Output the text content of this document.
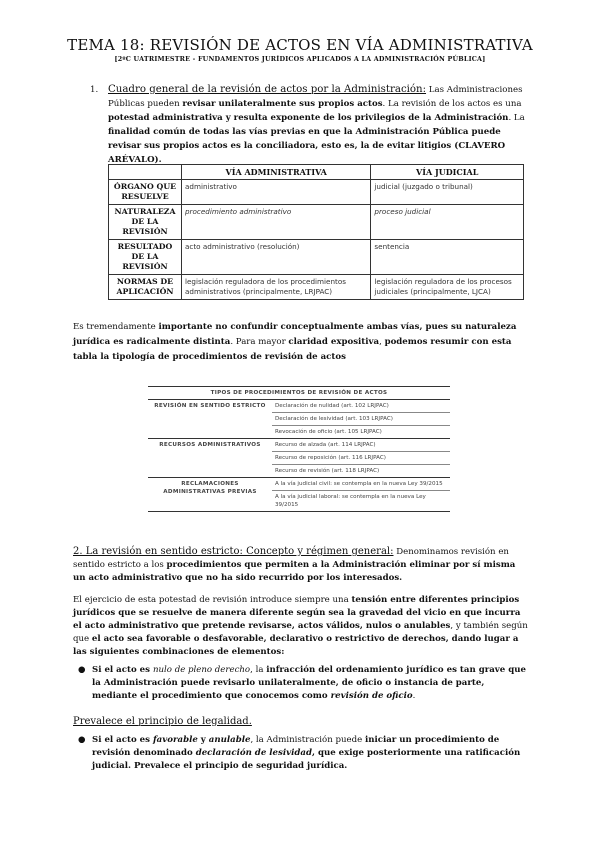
TEMA 18: REVISIÓN DE ACTOS EN VÍA ADMINISTRATIVA
[2ºC UATRIMESTRE - FUNDAMENTOS JURÍDICOS APLICADOS A LA ADMINISTRACIÓN PÚBLICA]
1. Cuadro general de la revisión de actos por la Administración: Las Administraciones Públicas pueden revisar unilateralmente sus propios actos. La revisión de los actos es una potestad administrativa y resulta exponente de los privilegios de la Administración. La finalidad común de todas las vías previas en que la Administración Pública puede revisar sus propios actos es la conciliadora, esto es, la de evitar litigios (CLAVERO ARÉVALO).
	VÍA ADMINISTRATIVA	VÍA JUDICIAL
ÓRGANO QUE RESUELVE	administrativo	judicial (juzgado o tribunal)
NATURALEZA DE LA REVISIÓN	procedimiento administrativo	proceso judicial
RESULTADO DE LA REVISIÓN	acto administrativo (resolución)	sentencia
NORMAS DE APLICACIÓN	legislación reguladora de los procedimientos administrativos (principalmente, LRJPAC)	legislación reguladora de los procesos judiciales (principalmente, LJCA)
Es tremendamente importante no confundir conceptualmente ambas vías, pues su naturaleza jurídica es radicalmente distinta. Para mayor claridad expositiva, podemos resumir con esta tabla la tipología de procedimientos de revisión de actos
TIPOS DE PROCEDIMIENTOS DE REVISIÓN DE ACTOS	
REVISIÓN EN SENTIDO ESTRICTO	Declaración de nulidad (art. 102 LRJPAC)
	Declaración de lesividad (art. 103 LRJPAC)
	Revocación de oficio (art. 105 LRJPAC)
RECURSOS ADMINISTRATIVOS	Recurso de alzada (art. 114 LRJPAC)
	Recurso de reposición (art. 116 LRJPAC)
	Recurso de revisión (art. 118 LRJPAC)
RECLAMACIONES ADMINISTRATIVAS PREVIAS	A la vía judicial civil: se contempla en la nueva Ley 39/2015
	A la vía judicial laboral: se contempla en la nueva Ley 39/2015
2. La revisión en sentido estricto: Concepto y régimen general: Denominamos revisión en sentido estricto a los procedimientos que permiten a la Administración eliminar por sí misma un acto administrativo que no ha sido recurrido por los interesados.
El ejercicio de esta potestad de revisión introduce siempre una tensión entre diferentes principios jurídicos que se resuelve de manera diferente según sea la gravedad del vicio en que incurra el acto administrativo que pretende revisarse, actos válidos, nulos o anulables, y también según que el acto sea favorable o desfavorable, declarativo o restrictivo de derechos, dando lugar a las siguientes combinaciones de elementos:
● Si el acto es nulo de pleno derecho, la infracción del ordenamiento jurídico es tan grave que la Administración puede revisarlo unilateralmente, de oficio o instancia de parte, mediante el procedimiento que conocemos como revisión de oficio.
Prevalece el principio de legalidad.
● Si el acto es favorable y anulable, la Administración puede iniciar un procedimiento de revisión denominado declaración de lesividad, que exige posteriormente una ratificación judicial. Prevalece el principio de seguridad jurídica.
